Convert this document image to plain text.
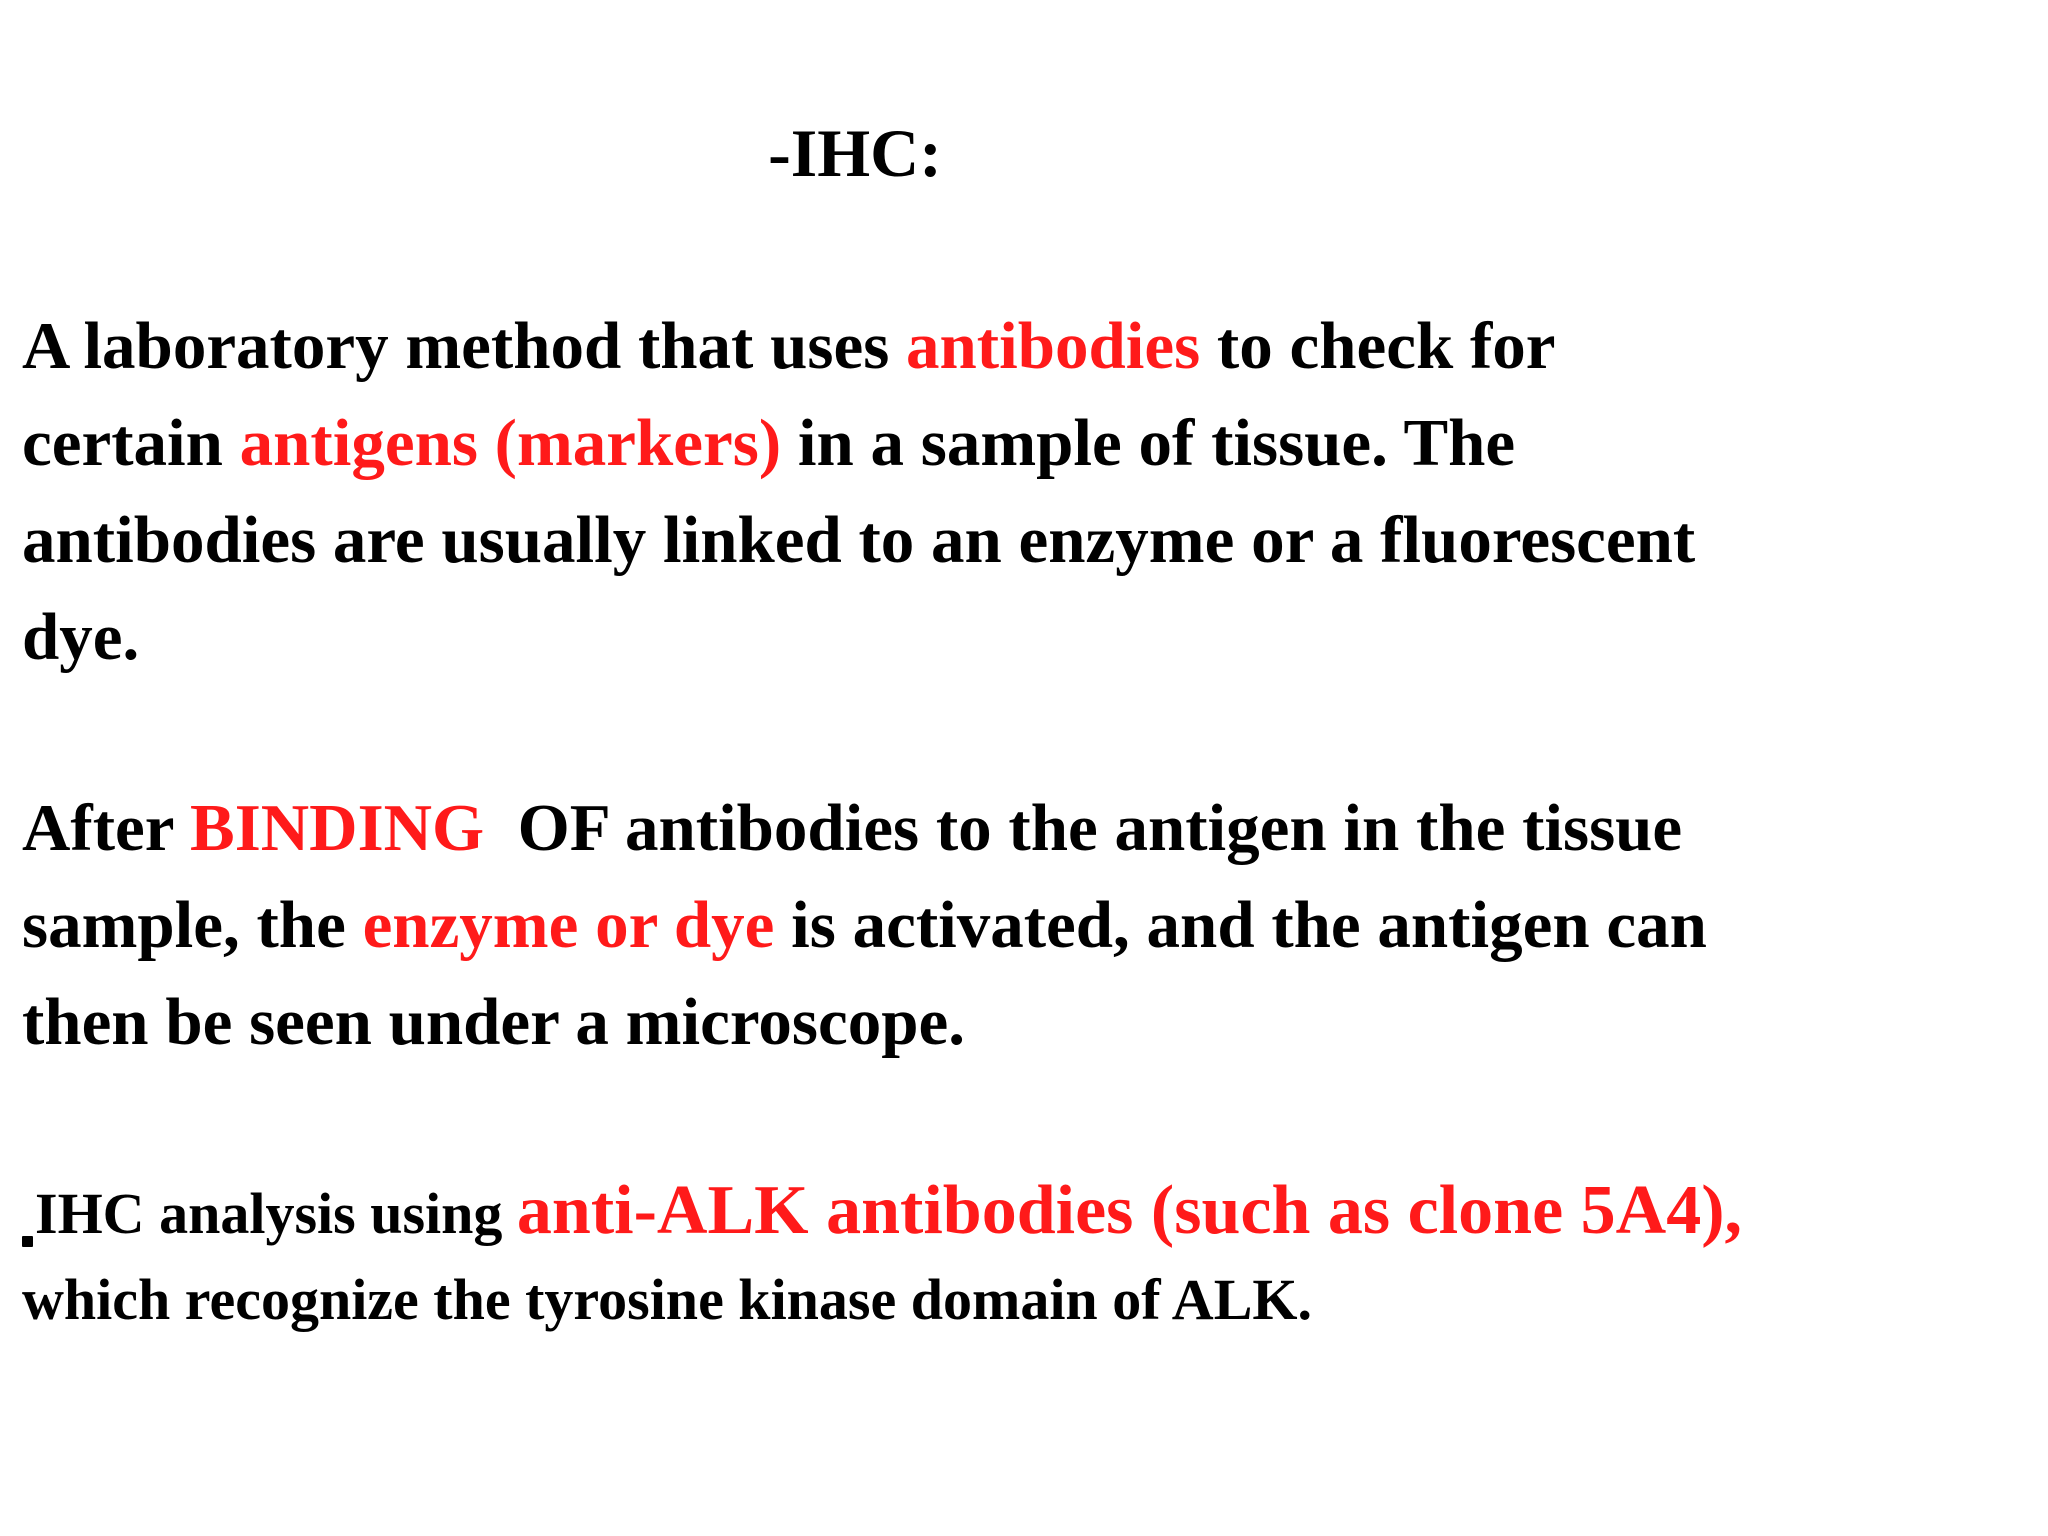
-IHC:
A laboratory method that uses antibodies to check for
certain antigens (markers) in a sample of tissue. The
antibodies are usually linked to an enzyme or a fluorescent
dye.
After BINDING  OF antibodies to the antigen in the tissue
sample, the enzyme or dye is activated, and the antigen can
then be seen under a microscope.
IHC analysis using anti-ALK antibodies (such as clone 5A4),
which recognize the tyrosine kinase domain of ALK.
